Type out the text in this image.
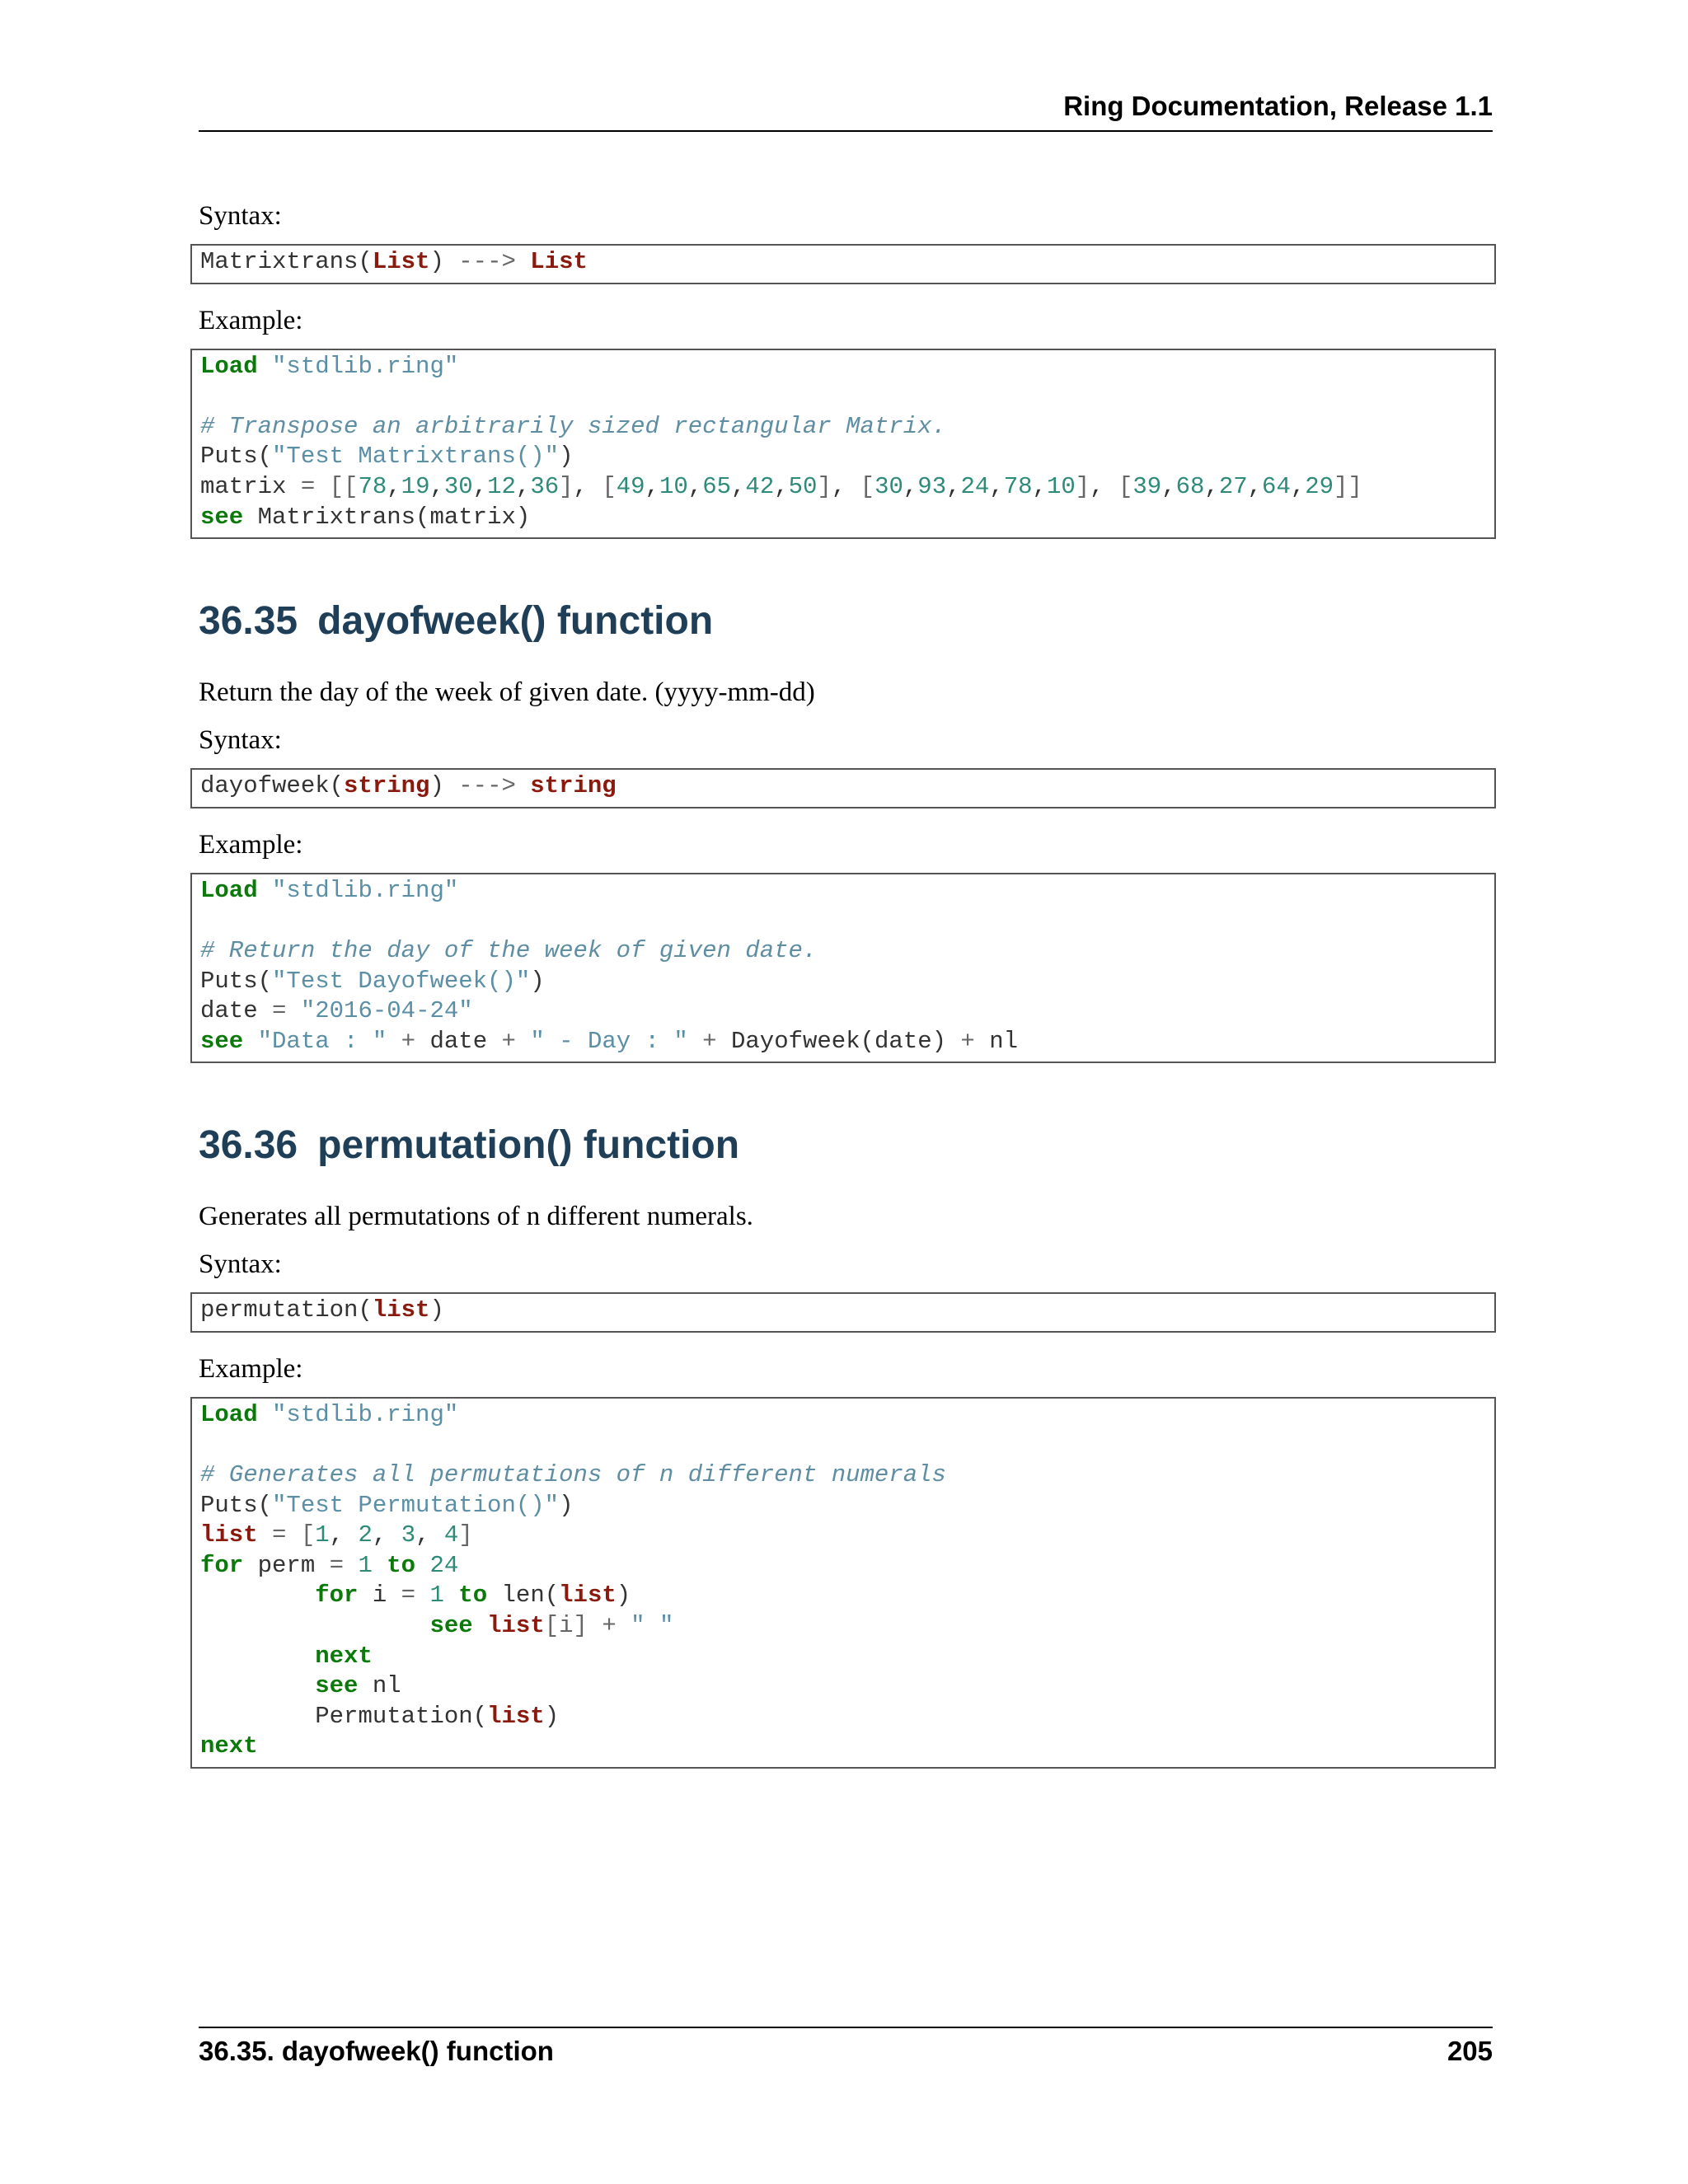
Ring Documentation, Release 1.1

Syntax:

Matrixtrans(List) ---> List

Example:

Load "stdlib.ring"

# Transpose an arbitrarily sized rectangular Matrix.
Puts("Test Matrixtrans()")
matrix = [[78,19,30,12,36], [49,10,65,42,50], [30,93,24,78,10], [39,68,27,64,29]]
see Matrixtrans(matrix)
36.35 dayofweek() function

Return the day of the week of given date. (yyyy-mm-dd)

Syntax:

dayofweek(string) ---> string

Example:

Load "stdlib.ring"

# Return the day of the week of given date.
Puts("Test Dayofweek()")
date = "2016-04-24"
see "Data : " + date + " - Day : " + Dayofweek(date) + nl
36.36 permutation() function

Generates all permutations of n different numerals.

Syntax:

permutation(list)

Example:

Load "stdlib.ring"

# Generates all permutations of n different numerals
Puts("Test Permutation()")
list = [1, 2, 3, 4]
for perm = 1 to 24
for i = 1 to len(list)
see list[i] + " "
next
see nl
Permutation(list)
next
36.35. dayofweek() function	205
